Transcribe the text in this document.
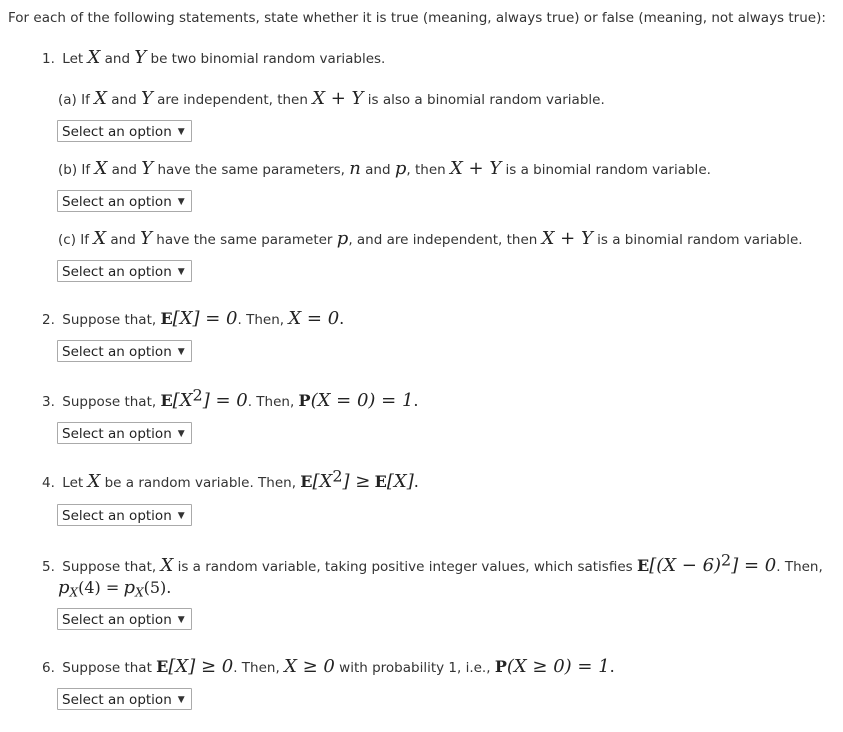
For each of the following statements, state whether it is true (meaning, always true) or false (meaning, not always true):
1. Let X and Y be two binomial random variables.
(a) If X and Y are independent, then X + Y is also a binomial random variable.
Select an option ▼
(b) If X and Y have the same parameters, n and p, then X + Y is a binomial random variable.
Select an option ▼
(c) If X and Y have the same parameter p, and are independent, then X + Y is a binomial random variable.
Select an option ▼
2. Suppose that, E[X] = 0. Then, X = 0.
Select an option ▼
3. Suppose that, $E[X^2] = 0$. Then, P(X = 0) = 1.
Select an option ▼
4. Let X be a random variable. Then, $E[X^2] \ge E[X]$.
Select an option ▼
5. Suppose that, X is a random variable, taking positive integer values, which satisfies $E[(X - 6)^2] = 0$. Then,
$p_X(4) = p_X(5)$.
Select an option ▼
6. Suppose that E[X] ≥ 0. Then, X ≥ 0 with probability 1, i.e., P(X ≥ 0) = 1.
Select an option ▼
